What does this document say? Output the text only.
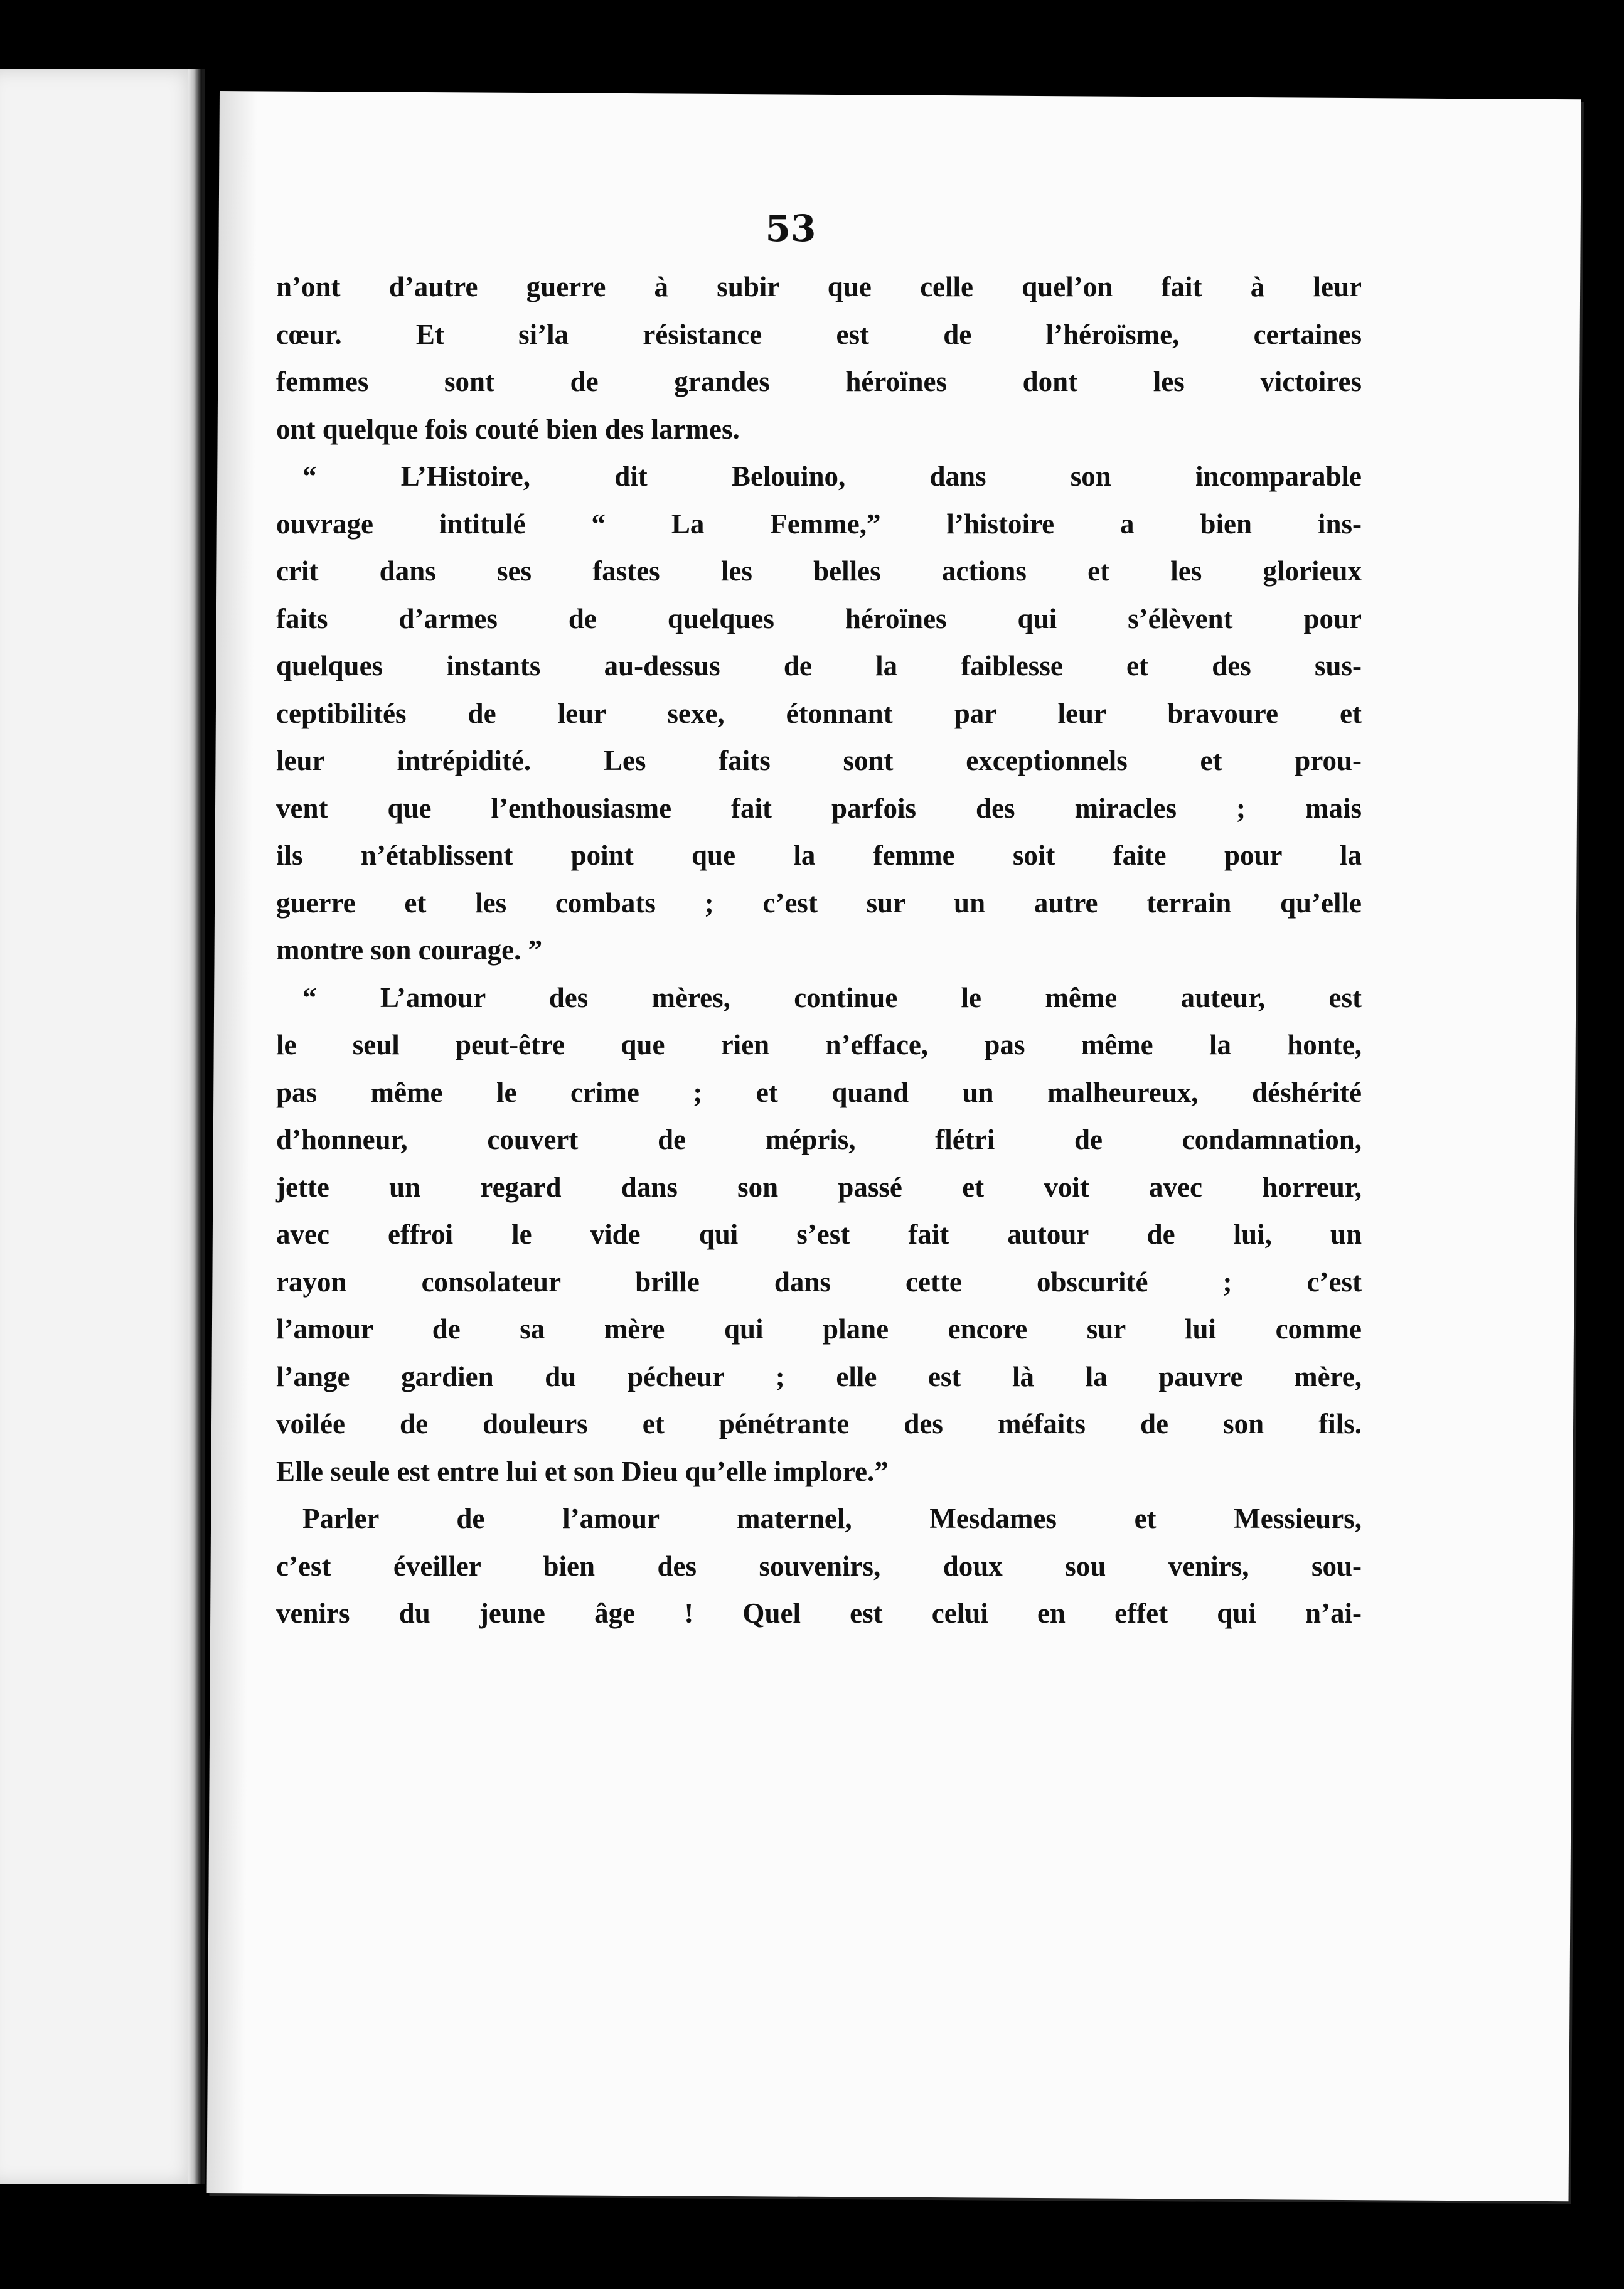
53

n’ont d’autre guerre à subir que celle quel’on fait à leur
cœur. Et si’la résistance est de l’héroïsme, certaines
femmes sont de grandes héroïnes dont les victoires
ont quelque fois couté bien des larmes.

“ L’Histoire, dit Belouino, dans son incomparable
ouvrage intitulé “ La Femme,” l’histoire a bien ins-
crit dans ses fastes les belles actions et les glorieux
faits d’armes de quelques héroïnes qui s’élèvent pour
quelques instants au-dessus de la faiblesse et des sus-
ceptibilités de leur sexe, étonnant par leur bravoure et
leur intrépidité. Les faits sont exceptionnels et prou-
vent que l’enthousiasme fait parfois des miracles ; mais
ils n’établissent point que la femme soit faite pour la
guerre et les combats ; c’est sur un autre terrain qu’elle
montre son courage. ”

“ L’amour des mères, continue le même auteur, est
le seul peut-être que rien n’efface, pas même la honte,
pas même le crime ; et quand un malheureux, déshérité
d’honneur, couvert de mépris, flétri de condamnation,
jette un regard dans son passé et voit avec horreur,
avec effroi le vide qui s’est fait autour de lui, un
rayon consolateur brille dans cette obscurité ; c’est
l’amour de sa mère qui plane encore sur lui comme
l’ange gardien du pécheur ; elle est là la pauvre mère,
voilée de douleurs et pénétrante des méfaits de son fils.
Elle seule est entre lui et son Dieu qu’elle implore.”

Parler de l’amour maternel, Mesdames et Messieurs,
c’est éveiller bien des souvenirs, doux sou venirs, sou-
venirs du jeune âge ! Quel est celui en effet qui n’ai-
